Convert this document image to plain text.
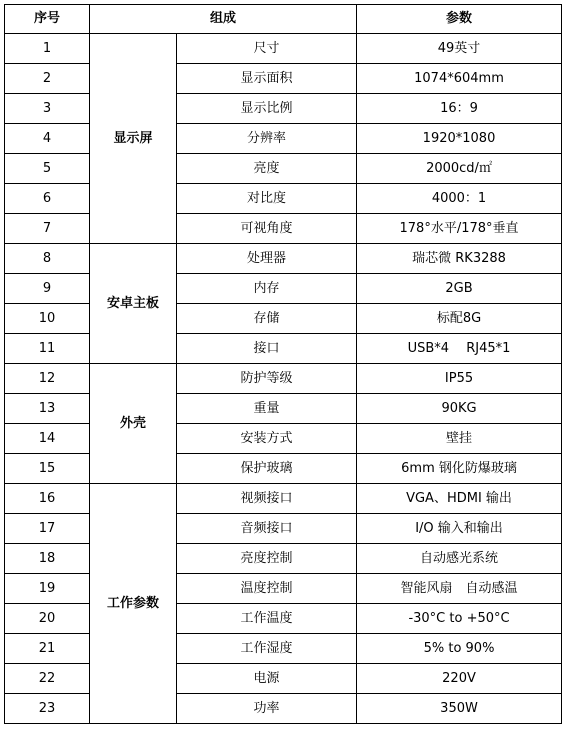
序号	组成		参数
1	显示屏	尺寸	49英寸
2		显示面积	1074*604mm
3		显示比例	16：9
4		分辨率	1920*1080
5		亮度	2000cd/㎡
6		对比度	4000：1
7		可视角度	178°水平/178°垂直
8	安卓主板	处理器	瑞芯微 RK3288
9		内存	2GB
10		存储	标配8G
11		接口	USB*4　 RJ45*1
12	外壳	防护等级	IP55
13		重量	90KG
14		安装方式	壁挂
15		保护玻璃	6mm 钢化防爆玻璃
16	工作参数	视频接口	VGA、HDMI 输出
17		音频接口	I/O 输入和输出
18		亮度控制	自动感光系统
19		温度控制	智能风扇　自动感温
20		工作温度	-30°C to +50°C
21		工作湿度	5% to 90%
22		电源	220V
23		功率	350W
